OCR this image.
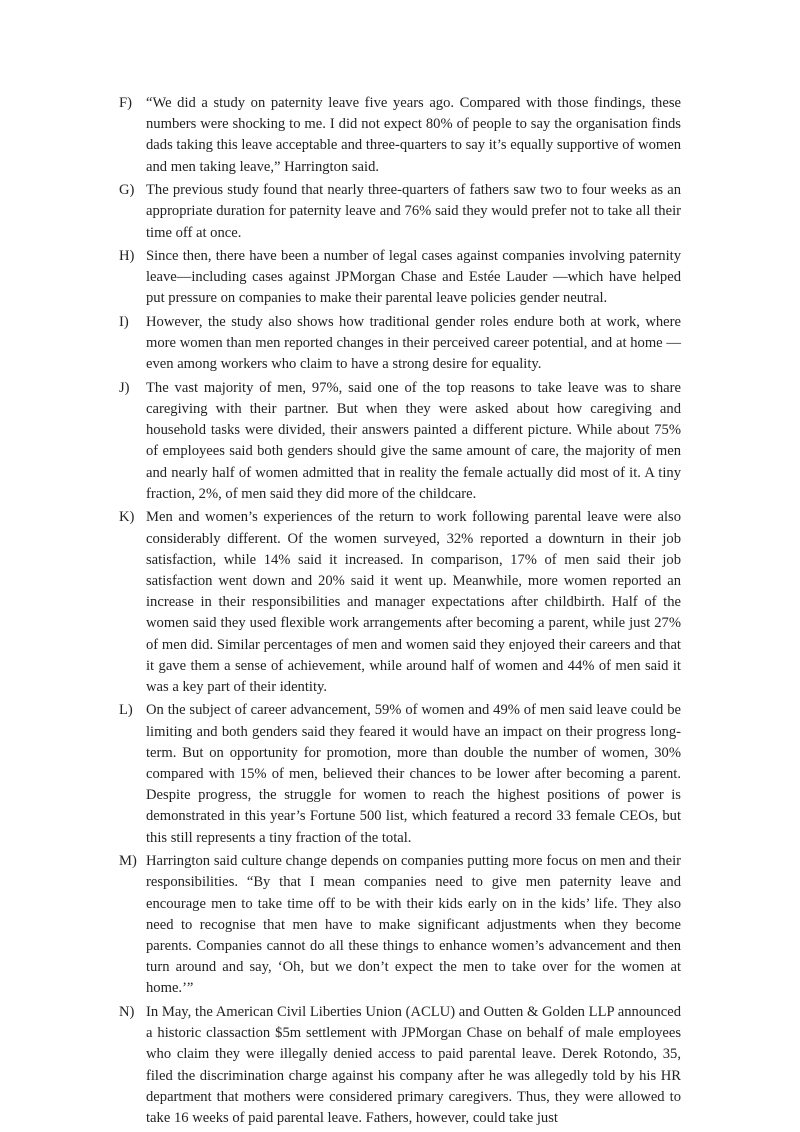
F) “We did a study on paternity leave five years ago. Compared with those findings, these numbers were shocking to me. I did not expect 80% of people to say the organisation finds dads taking this leave acceptable and three-quarters to say it’s equally supportive of women and men taking leave,” Harrington said.
G) The previous study found that nearly three-quarters of fathers saw two to four weeks as an appropriate duration for paternity leave and 76% said they would prefer not to take all their time off at once.
H) Since then, there have been a number of legal cases against companies involving paternity leave—including cases against JPMorgan Chase and Estée Lauder —which have helped put pressure on companies to make their parental leave policies gender neutral.
I)	However, the study also shows how traditional gender roles endure both at work, where more women than men reported changes in their perceived career potential, and at home — even among workers who claim to have a strong desire for equality.
J)	The vast majority of men, 97%, said one of the top reasons to take leave was to share caregiving with their partner. But when they were asked about how caregiving and household tasks were divided, their answers painted a different picture. While about 75% of employees said both genders should give the same amount of care, the majority of men and nearly half of women admitted that in reality the female actually did most of it. A tiny fraction, 2%, of men said they did more of the childcare.
K) Men and women’s experiences of the return to work following parental leave were also considerably different. Of the women surveyed, 32% reported a downturn in their job satisfaction, while 14% said it increased. In comparison, 17% of men said their job satisfaction went down and 20% said it went up. Meanwhile, more women reported an increase in their responsibilities and manager expectations after childbirth. Half of the women said they used flexible work arrangements after becoming a parent, while just 27% of men did. Similar percentages of men and women said they enjoyed their careers and that it gave them a sense of achievement, while around half of women and 44% of men said it was a key part of their identity.
L) On the subject of career advancement, 59% of women and 49% of men said leave could be limiting and both genders said they feared it would have an impact on their progress long- term. But on opportunity for promotion, more than double the number of women, 30% compared with 15% of men, believed their chances to be lower after becoming a parent. Despite progress, the struggle for women to reach the highest positions of power is demonstrated in this year’s Fortune 500 list, which featured a record 33 female CEOs, but this still represents a tiny fraction of the total.
M) Harrington said culture change depends on companies putting more focus on men and their responsibilities. “By that I mean companies need to give men paternity leave and encourage men to take time off to be with their kids early on in the kids’ life. They also need to recognise that men have to make significant adjustments when they become parents. Companies cannot do all these things to enhance women’s advancement and then turn around and say, ‘Oh, but we don’t expect the men to take over for the women at home.’”
N) In May, the American Civil Liberties Union (ACLU) and Outten & Golden LLP announced a historic classaction $5m settlement with JPMorgan Chase on behalf of male employees who claim they were illegally denied access to paid parental leave. Derek Rotondo, 35, filed the discrimination charge against his company after he was allegedly told by his HR department that mothers were considered primary caregivers. Thus, they were allowed to take 16 weeks of paid parental leave. Fathers, however, could take just
